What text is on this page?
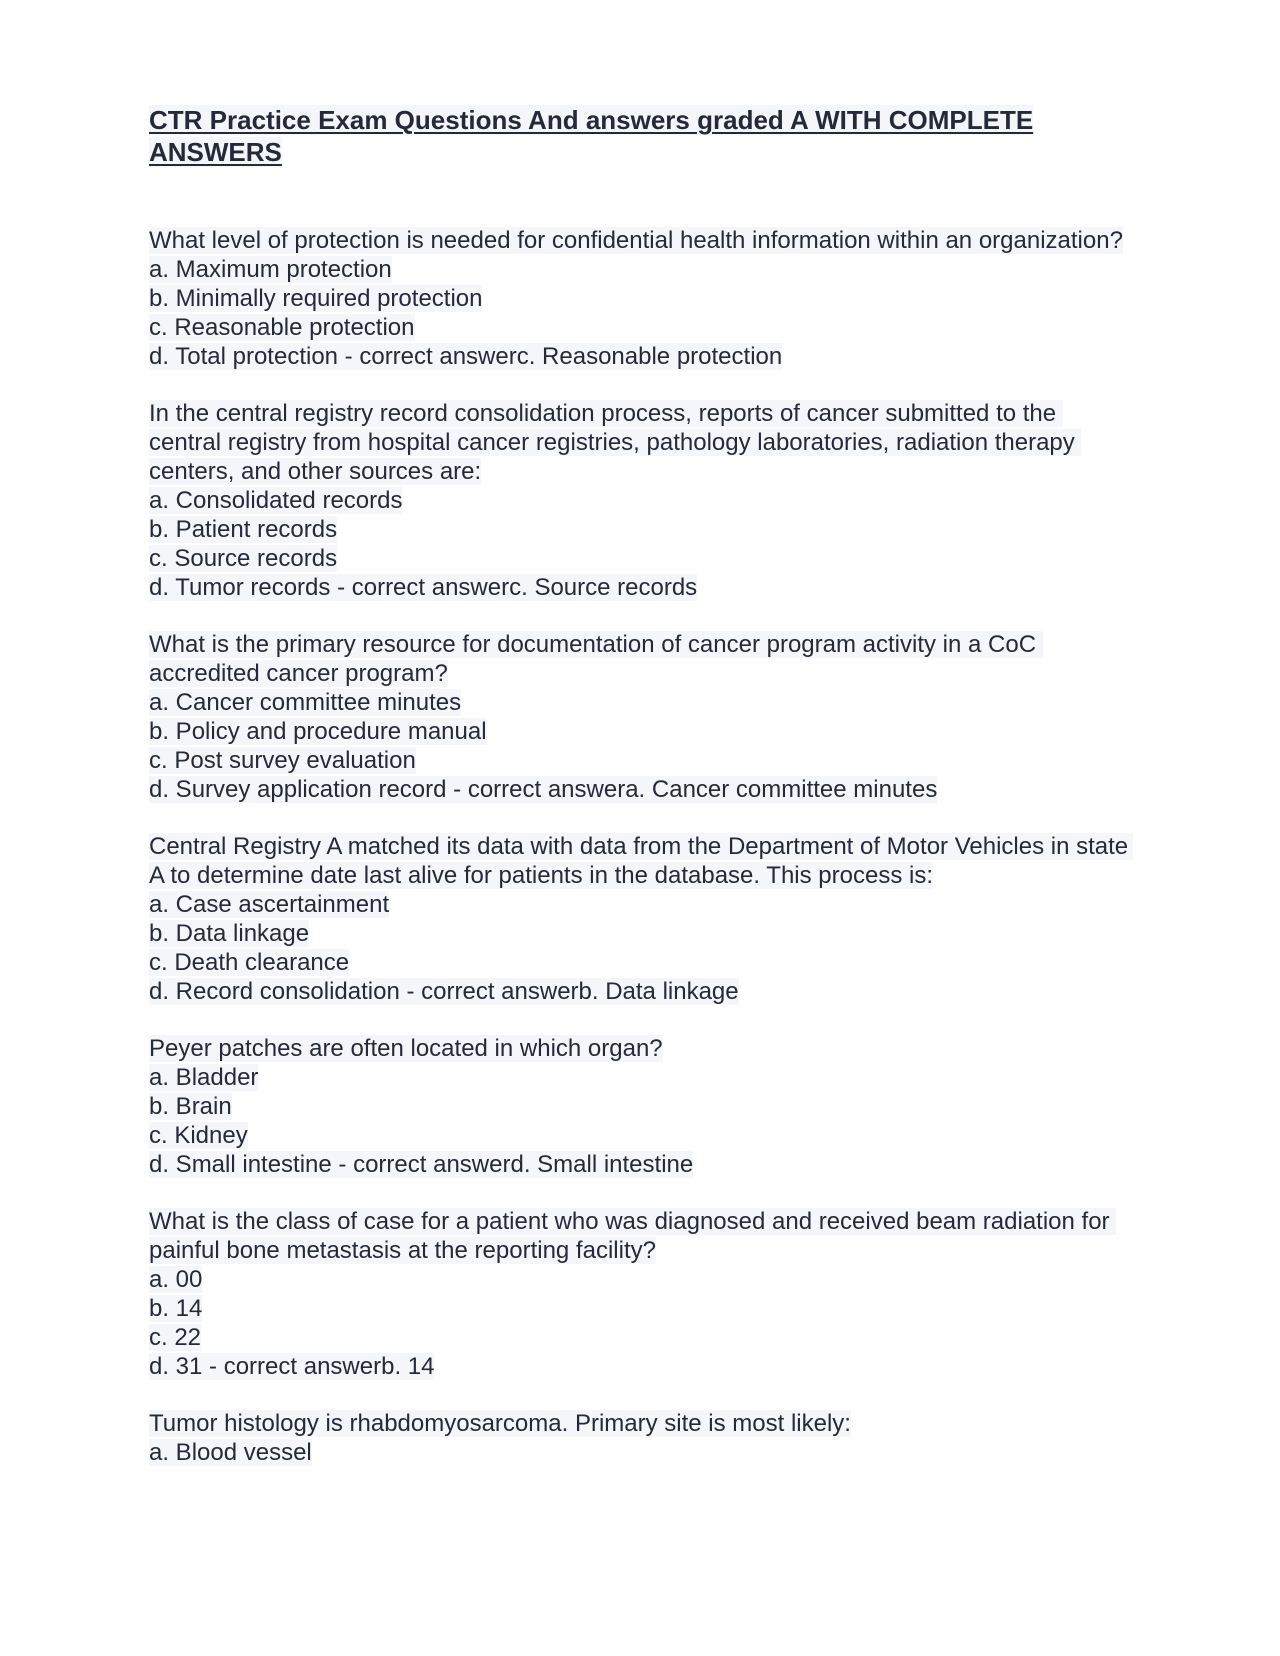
CTR Practice Exam Questions And answers graded A WITH COMPLETE ANSWERS
What level of protection is needed for confidential health information within an organization?
a. Maximum protection
b. Minimally required protection
c. Reasonable protection
d. Total protection - correct answerc. Reasonable protection
In the central registry record consolidation process, reports of cancer submitted to the central registry from hospital cancer registries, pathology laboratories, radiation therapy centers, and other sources are:
a. Consolidated records
b. Patient records
c. Source records
d. Tumor records - correct answerc. Source records
What is the primary resource for documentation of cancer program activity in a CoC accredited cancer program?
a. Cancer committee minutes
b. Policy and procedure manual
c. Post survey evaluation
d. Survey application record - correct answera. Cancer committee minutes
Central Registry A matched its data with data from the Department of Motor Vehicles in state A to determine date last alive for patients in the database. This process is:
a. Case ascertainment
b. Data linkage
c. Death clearance
d. Record consolidation - correct answerb. Data linkage
Peyer patches are often located in which organ?
a. Bladder
b. Brain
c. Kidney
d. Small intestine - correct answerd. Small intestine
What is the class of case for a patient who was diagnosed and received beam radiation for painful bone metastasis at the reporting facility?
a. 00
b. 14
c. 22
d. 31 - correct answerb. 14
Tumor histology is rhabdomyosarcoma. Primary site is most likely:
a. Blood vessel
